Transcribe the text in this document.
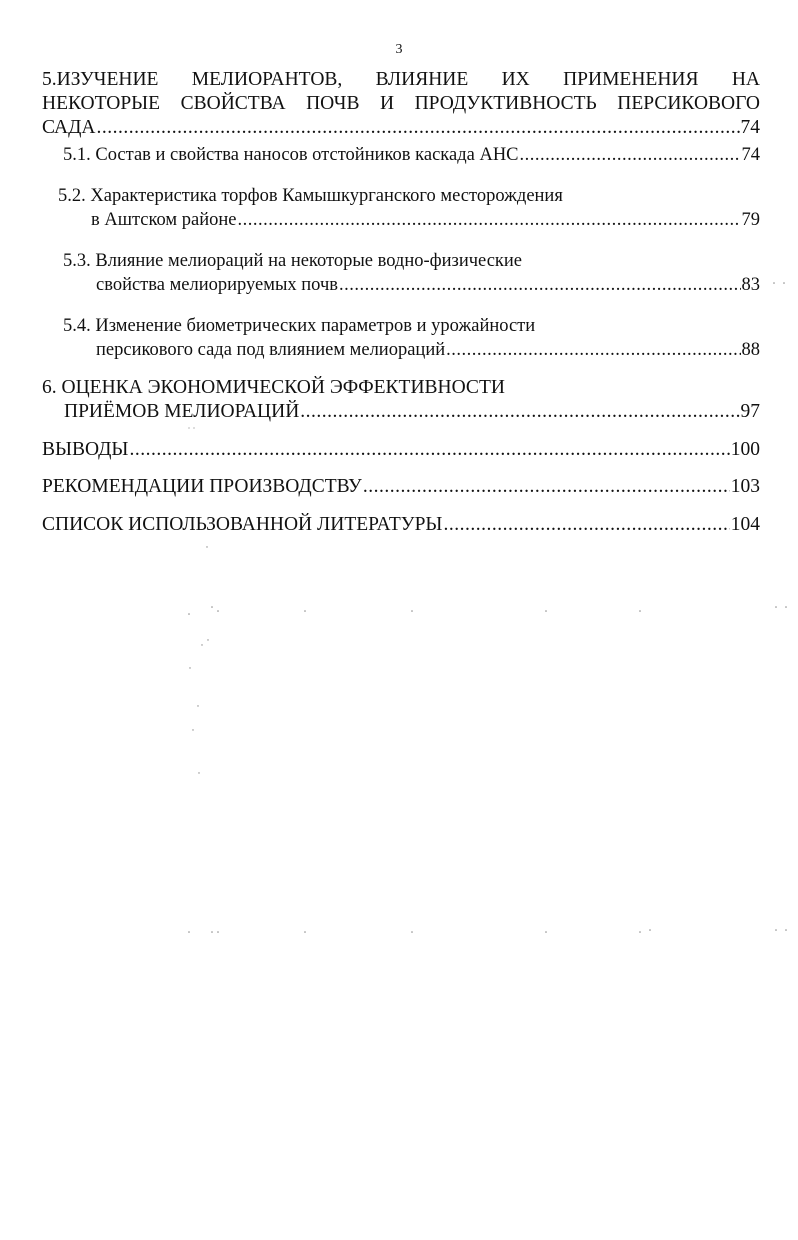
3
5.ИЗУЧЕНИЕ МЕЛИОРАНТОВ, ВЛИЯНИЕ ИХ ПРИМЕНЕНИЯ НА
НЕКОТОРЫЕ СВОЙСТВА ПОЧВ И ПРОДУКТИВНОСТЬ ПЕРСИКОВОГО
САДА .....	74
5.1. Состав и свойства наносов отстойников каскада АНС .....	74
5.2. Характеристика торфов Камышкурганского месторождения
в Аштском районе .....	79
5.3. Влияние мелиораций на некоторые водно-физические
свойства мелиорируемых почв .....	83
5.4. Изменение биометрических параметров и урожайности
персикового сада под влиянием мелиораций .....	88
6. ОЦЕНКА ЭКОНОМИЧЕСКОЙ ЭФФЕКТИВНОСТИ
ПРИЁМОВ МЕЛИОРАЦИЙ .....	97
ВЫВОДЫ .....	100
РЕКОМЕНДАЦИИ ПРОИЗВОДСТВУ .....	103
СПИСОК ИСПОЛЬЗОВАННОЙ ЛИТЕРАТУРЫ .....	104
